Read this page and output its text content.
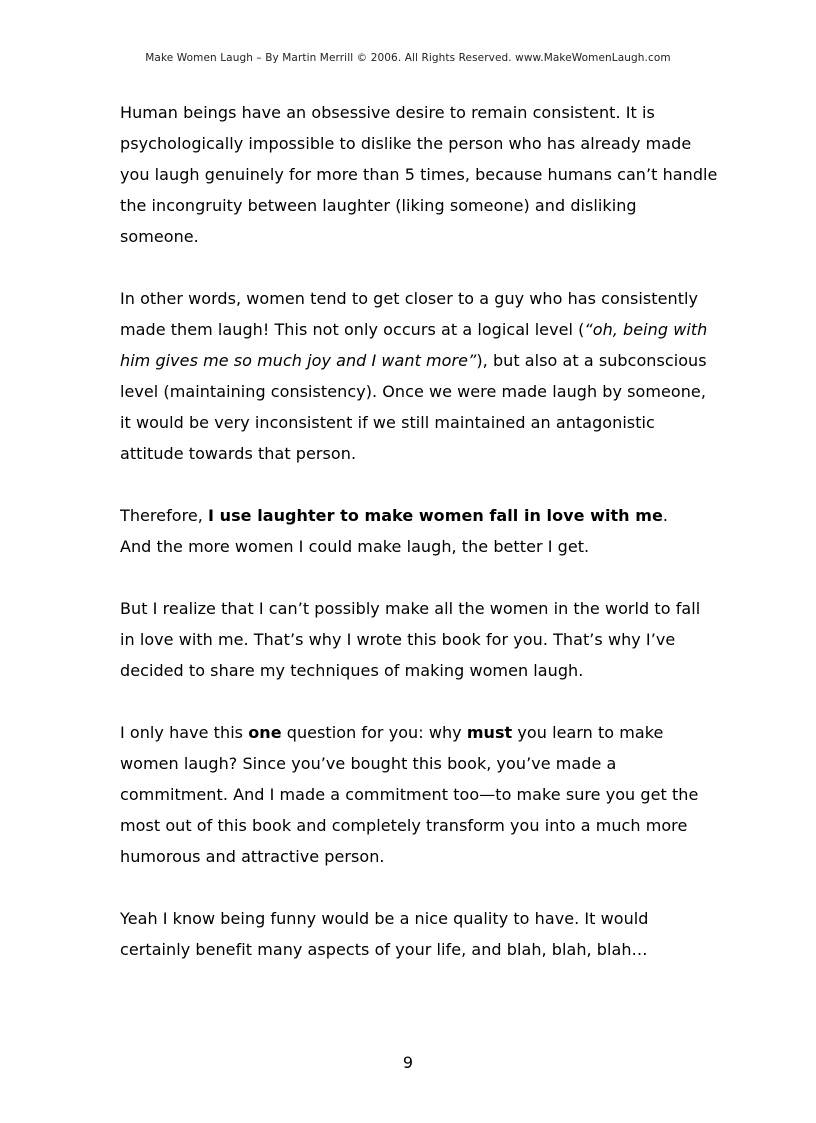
Make Women Laugh – By Martin Merrill © 2006. All Rights Reserved. www.MakeWomenLaugh.com

Human beings have an obsessive desire to remain consistent. It is psychologically impossible to dislike the person who has already made you laugh genuinely for more than 5 times, because humans can’t handle the incongruity between laughter (liking someone) and disliking someone.

In other words, women tend to get closer to a guy who has consistently made them laugh! This not only occurs at a logical level (“oh, being with him gives me so much joy and I want more”), but also at a subconscious level (maintaining consistency). Once we were made laugh by someone, it would be very inconsistent if we still maintained an antagonistic attitude towards that person.

Therefore, I use laughter to make women fall in love with me.
And the more women I could make laugh, the better I get.

But I realize that I can’t possibly make all the women in the world to fall in love with me. That’s why I wrote this book for you. That’s why I’ve decided to share my techniques of making women laugh.

I only have this one question for you: why must you learn to make women laugh? Since you’ve bought this book, you’ve made a commitment. And I made a commitment too—to make sure you get the most out of this book and completely transform you into a much more humorous and attractive person.

Yeah I know being funny would be a nice quality to have. It would certainly benefit many aspects of your life, and blah, blah, blah…

9
